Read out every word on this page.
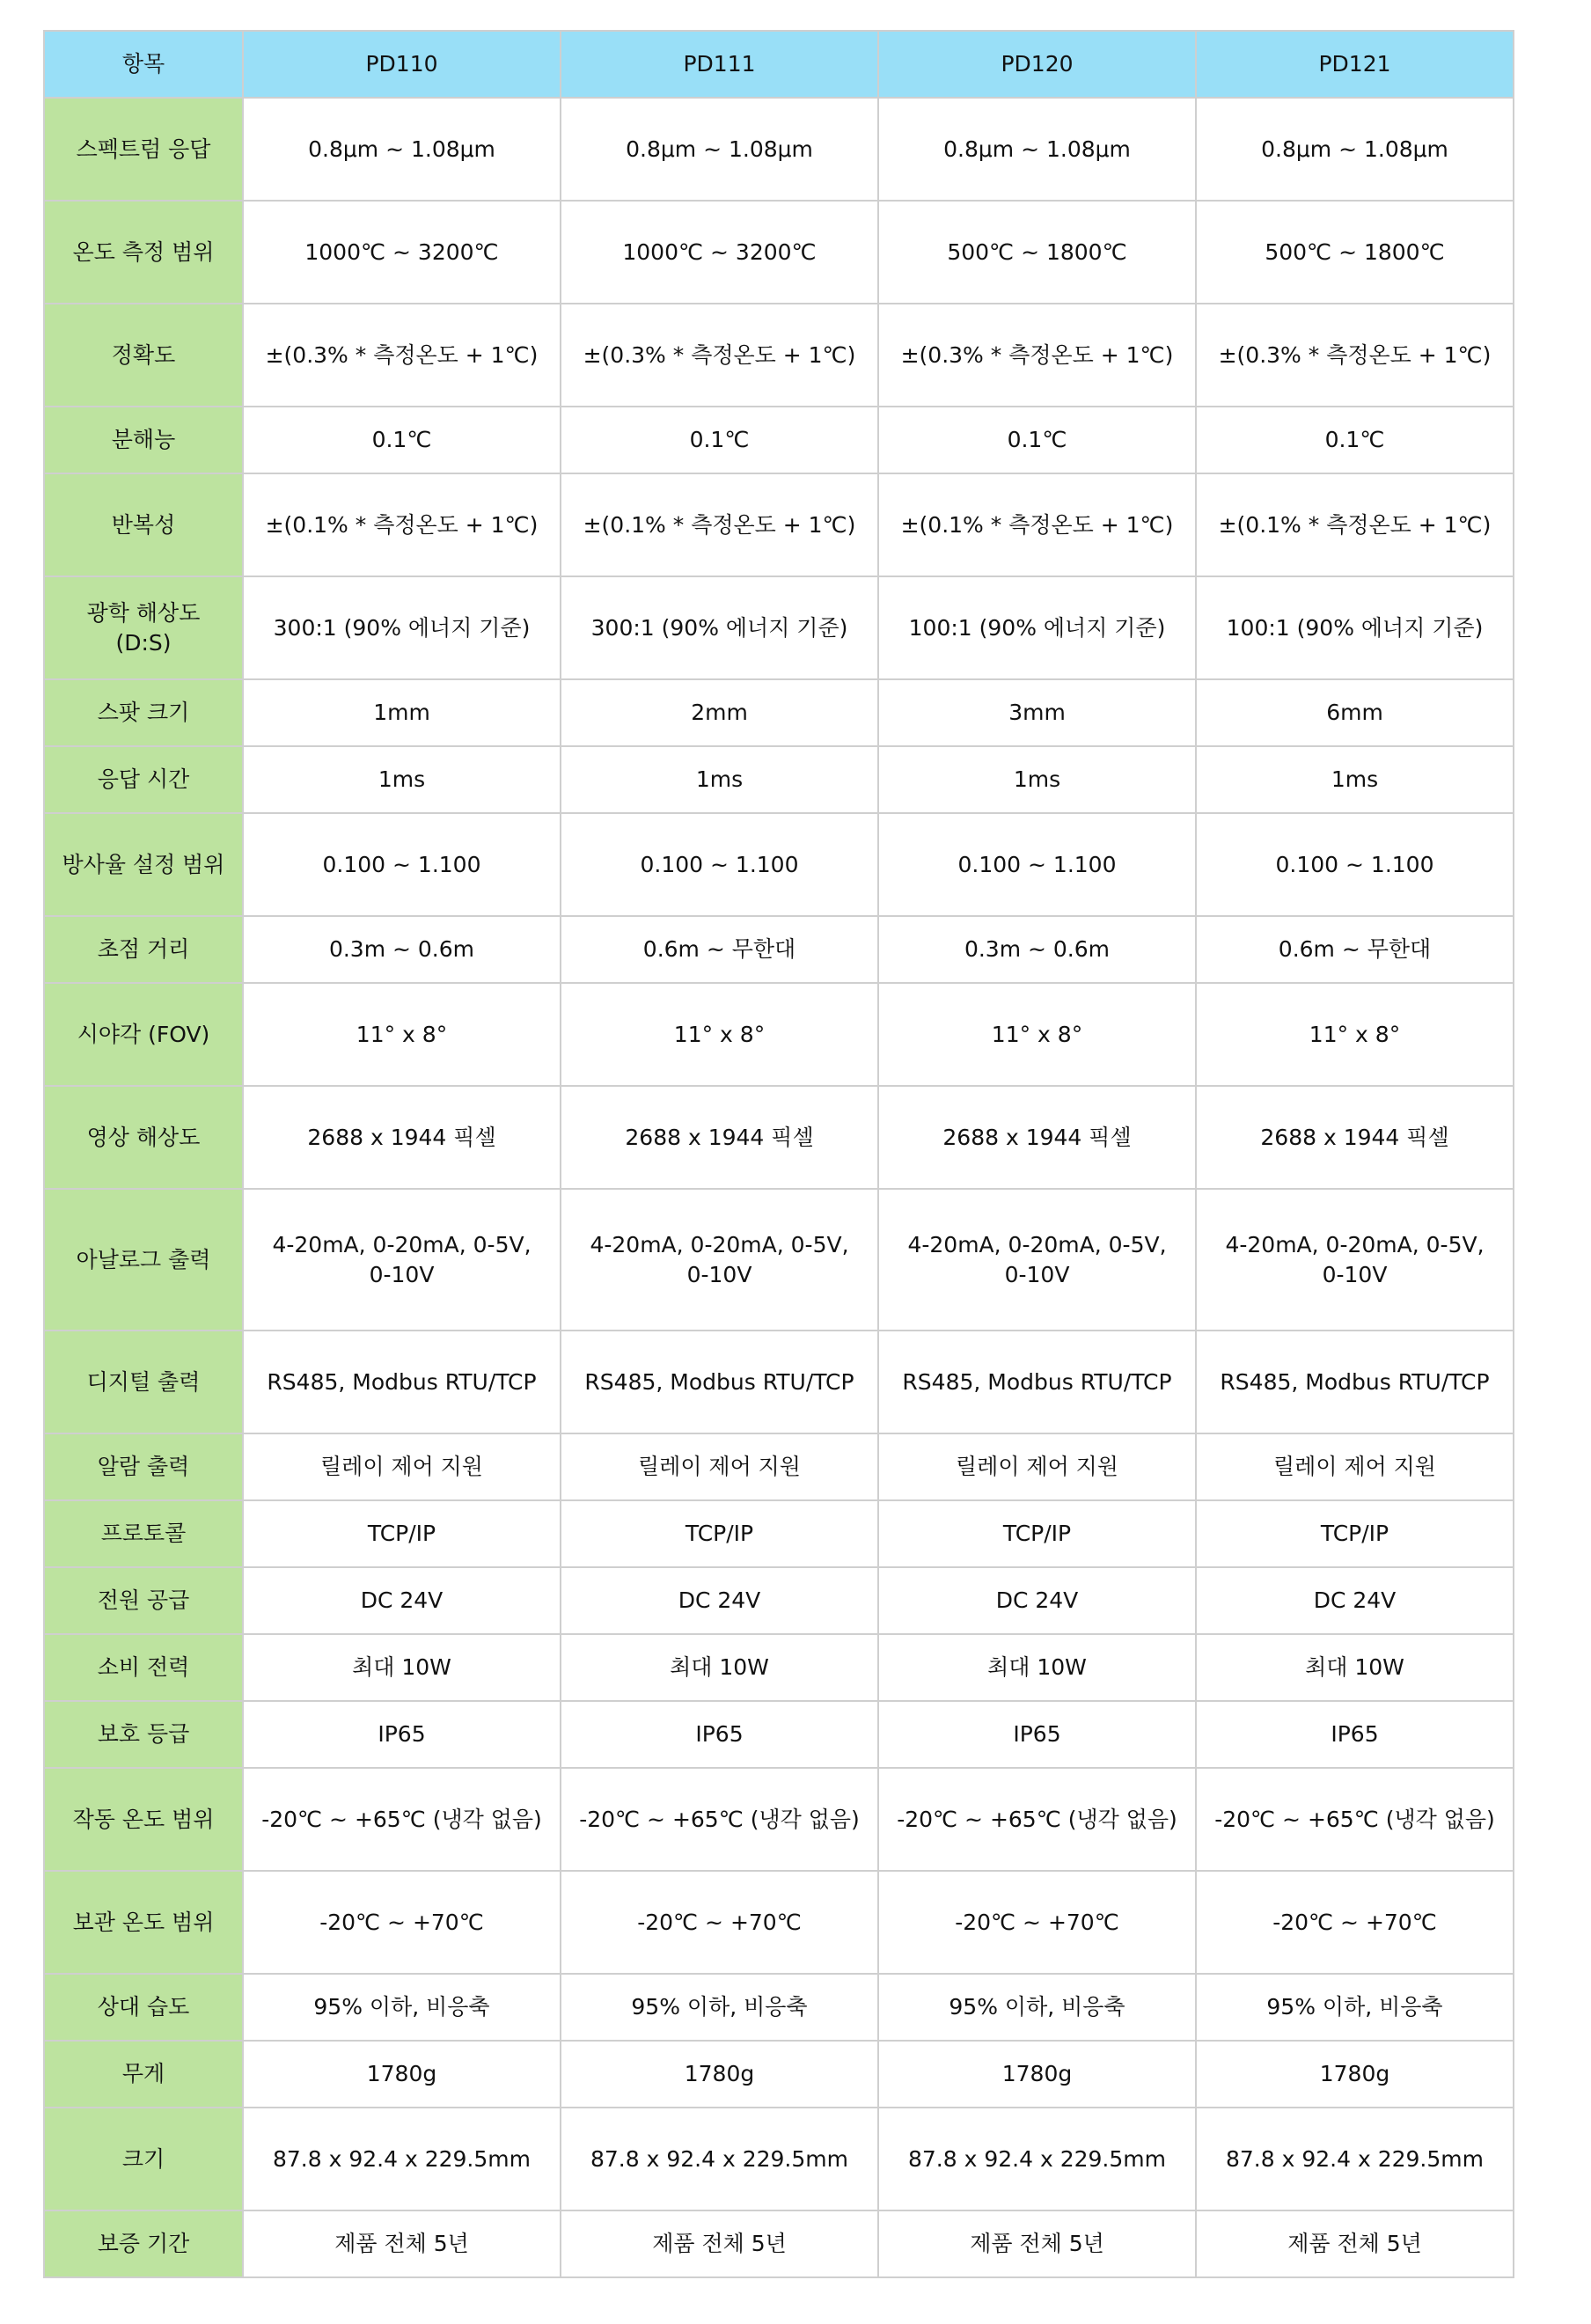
항목	PD110	PD111	PD120	PD121
스펙트럼 응답	0.8μm ~ 1.08μm	0.8μm ~ 1.08μm	0.8μm ~ 1.08μm	0.8μm ~ 1.08μm
온도 측정 범위	1000℃ ~ 3200℃	1000℃ ~ 3200℃	500℃ ~ 1800℃	500℃ ~ 1800℃
정확도	±(0.3% * 측정온도 + 1℃)	±(0.3% * 측정온도 + 1℃)	±(0.3% * 측정온도 + 1℃)	±(0.3% * 측정온도 + 1℃)
분해능	0.1℃	0.1℃	0.1℃	0.1℃
반복성	±(0.1% * 측정온도 + 1℃)	±(0.1% * 측정온도 + 1℃)	±(0.1% * 측정온도 + 1℃)	±(0.1% * 측정온도 + 1℃)
광학 해상도 (D:S)	300:1 (90% 에너지 기준)	300:1 (90% 에너지 기준)	100:1 (90% 에너지 기준)	100:1 (90% 에너지 기준)
스팟 크기	1mm	2mm	3mm	6mm
응답 시간	1ms	1ms	1ms	1ms
방사율 설정 범위	0.100 ~ 1.100	0.100 ~ 1.100	0.100 ~ 1.100	0.100 ~ 1.100
초점 거리	0.3m ~ 0.6m	0.6m ~ 무한대	0.3m ~ 0.6m	0.6m ~ 무한대
시야각 (FOV)	11° x 8°	11° x 8°	11° x 8°	11° x 8°
영상 해상도	2688 x 1944 픽셀	2688 x 1944 픽셀	2688 x 1944 픽셀	2688 x 1944 픽셀
아날로그 출력	4-20mA, 0-20mA, 0-5V, 0-10V	4-20mA, 0-20mA, 0-5V, 0-10V	4-20mA, 0-20mA, 0-5V, 0-10V	4-20mA, 0-20mA, 0-5V, 0-10V
디지털 출력	RS485, Modbus RTU/TCP	RS485, Modbus RTU/TCP	RS485, Modbus RTU/TCP	RS485, Modbus RTU/TCP
알람 출력	릴레이 제어 지원	릴레이 제어 지원	릴레이 제어 지원	릴레이 제어 지원
프로토콜	TCP/IP	TCP/IP	TCP/IP	TCP/IP
전원 공급	DC 24V	DC 24V	DC 24V	DC 24V
소비 전력	최대 10W	최대 10W	최대 10W	최대 10W
보호 등급	IP65	IP65	IP65	IP65
작동 온도 범위	-20℃ ~ +65℃ (냉각 없음)	-20℃ ~ +65℃ (냉각 없음)	-20℃ ~ +65℃ (냉각 없음)	-20℃ ~ +65℃ (냉각 없음)
보관 온도 범위	-20℃ ~ +70℃	-20℃ ~ +70℃	-20℃ ~ +70℃	-20℃ ~ +70℃
상대 습도	95% 이하, 비응축	95% 이하, 비응축	95% 이하, 비응축	95% 이하, 비응축
무게	1780g	1780g	1780g	1780g
크기	87.8 x 92.4 x 229.5mm	87.8 x 92.4 x 229.5mm	87.8 x 92.4 x 229.5mm	87.8 x 92.4 x 229.5mm
보증 기간	제품 전체 5년	제품 전체 5년	제품 전체 5년	제품 전체 5년
